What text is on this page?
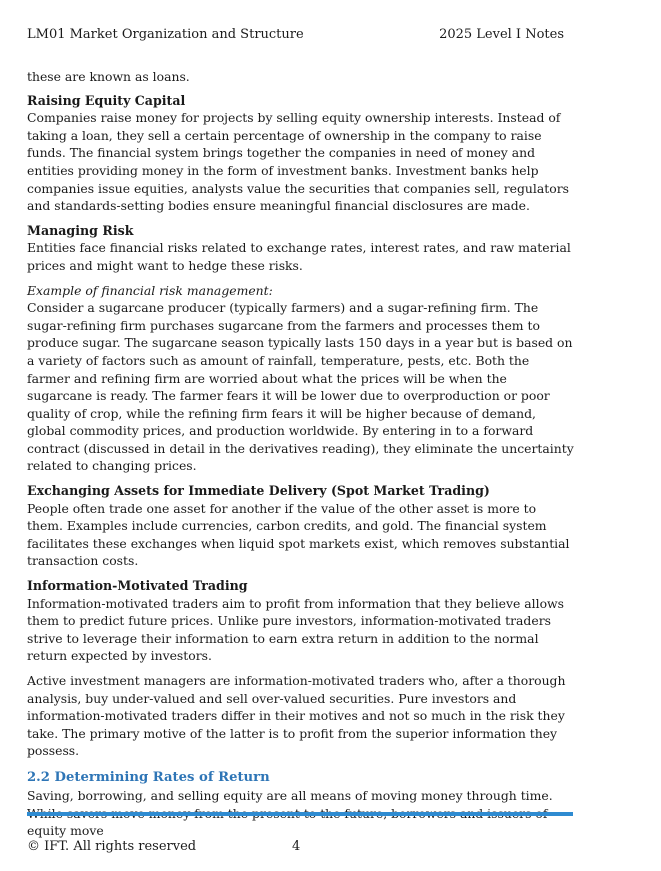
LM01 Market Organization and Structure	2025 Level I Notes

these are known as loans.

Raising Equity Capital

Companies raise money for projects by selling equity ownership interests. Instead of taking a loan, they sell a certain percentage of ownership in the company to raise funds. The financial system brings together the companies in need of money and entities providing money in the form of investment banks. Investment banks help companies issue equities, analysts value the securities that companies sell, regulators and standards-setting bodies ensure meaningful financial disclosures are made.

Managing Risk

Entities face financial risks related to exchange rates, interest rates, and raw material prices and might want to hedge these risks.

Example of financial risk management:

Consider a sugarcane producer (typically farmers) and a sugar-refining firm. The sugar-refining firm purchases sugarcane from the farmers and processes them to produce sugar. The sugarcane season typically lasts 150 days in a year but is based on a variety of factors such as amount of rainfall, temperature, pests, etc. Both the farmer and refining firm are worried about what the prices will be when the sugarcane is ready. The farmer fears it will be lower due to overproduction or poor quality of crop, while the refining firm fears it will be higher because of demand, global commodity prices, and production worldwide. By entering in to a forward contract (discussed in detail in the derivatives reading), they eliminate the uncertainty related to changing prices.

Exchanging Assets for Immediate Delivery (Spot Market Trading)

People often trade one asset for another if the value of the other asset is more to them. Examples include currencies, carbon credits, and gold. The financial system facilitates these exchanges when liquid spot markets exist, which removes substantial transaction costs.

Information-Motivated Trading

Information-motivated traders aim to profit from information that they believe allows them to predict future prices. Unlike pure investors, information-motivated traders strive to leverage their information to earn extra return in addition to the normal return expected by investors.

Active investment managers are information-motivated traders who, after a thorough analysis, buy under-valued and sell over-valued securities. Pure investors and information-motivated traders differ in their motives and not so much in the risk they take. The primary motive of the latter is to profit from the superior information they possess.

2.2 Determining Rates of Return

Saving, borrowing, and selling equity are all means of moving money through time. equity move

© IFT. All rights reserved	4
